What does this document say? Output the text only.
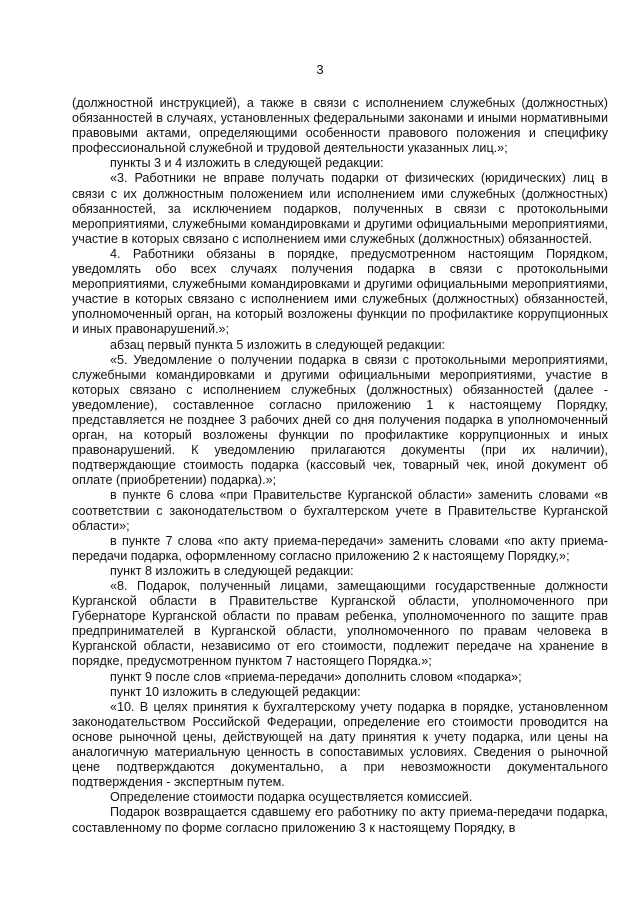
3

(должностной инструкцией), а также в связи с исполнением служебных (должностных) обязанностей в случаях, установленных федеральными законами и иными нормативными правовыми актами, определяющими особенности правового положения и специфику профессиональной служебной и трудовой деятельности указанных лиц.»;

пункты 3 и 4 изложить в следующей редакции:

«3. Работники не вправе получать подарки от физических (юридических) лиц в связи с их должностным положением или исполнением ими служебных (должностных) обязанностей, за исключением подарков, полученных в связи с протокольными мероприятиями, служебными командировками и другими официальными мероприятиями, участие в которых связано с исполнением ими служебных (должностных) обязанностей.

4. Работники обязаны в порядке, предусмотренном настоящим Порядком, уведомлять обо всех случаях получения подарка в связи с протокольными мероприятиями, служебными командировками и другими официальными мероприятиями, участие в которых связано с исполнением ими служебных (должностных) обязанностей, уполномоченный орган, на который возложены функции по профилактике коррупционных и иных правонарушений.»;

абзац первый пункта 5 изложить в следующей редакции:

«5. Уведомление о получении подарка в связи с протокольными мероприятиями, служебными командировками и другими официальными мероприятиями, участие в которых связано с исполнением служебных (должностных) обязанностей (далее - уведомление), составленное согласно приложению 1 к настоящему Порядку, представляется не позднее 3 рабочих дней со дня получения подарка в уполномоченный орган, на который возложены функции по профилактике коррупционных и иных правонарушений. К уведомлению прилагаются документы (при их наличии), подтверждающие стоимость подарка (кассовый чек, товарный чек, иной документ об оплате (приобретении) подарка).»;

в пункте 6 слова «при Правительстве Курганской области» заменить словами «в соответствии с законодательством о бухгалтерском учете в Правительстве Курганской области»;

в пункте 7 слова «по акту приема-передачи» заменить словами «по акту приема-передачи подарка, оформленному согласно приложению 2 к настоящему Порядку,»;

пункт 8 изложить в следующей редакции:

«8. Подарок, полученный лицами, замещающими государственные должности Курганской области в Правительстве Курганской области, уполномоченного при Губернаторе Курганской области по правам ребенка, уполномоченного по защите прав предпринимателей в Курганской области, уполномоченного по правам человека в Курганской области, независимо от его стоимости, подлежит передаче на хранение в порядке, предусмотренном пунктом 7 настоящего Порядка.»;

пункт 9 после слов «приема-передачи» дополнить словом «подарка»;

пункт 10 изложить в следующей редакции:

«10. В целях принятия к бухгалтерскому учету подарка в порядке, установленном законодательством Российской Федерации, определение его стоимости проводится на основе рыночной цены, действующей на дату принятия к учету подарка, или цены на аналогичную материальную ценность в сопоставимых условиях. Сведения о рыночной цене подтверждаются документально, а при невозможности документального подтверждения - экспертным путем.

Определение стоимости подарка осуществляется комиссией.

Подарок возвращается сдавшему его работнику по акту приема-передачи подарка, составленному по форме согласно приложению 3 к настоящему Порядку, в
